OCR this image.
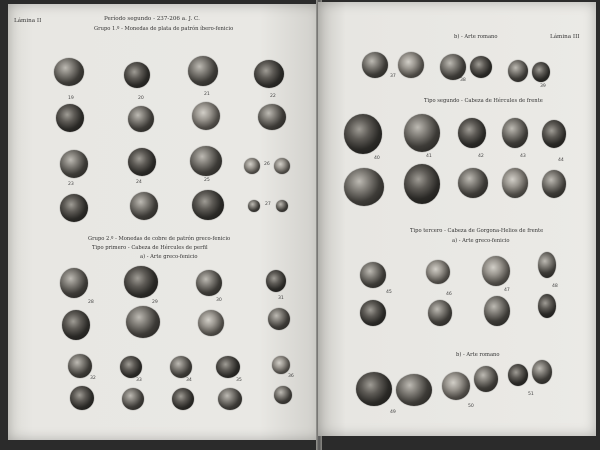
Lámina II	Período segundo - 237-206 a. J. C.
Grupo 1.º - Monedas de plata de patrón íbero-fenicio
19	20
21	22
23	24	25
26
27
Grupo 2.º - Monedas de cobre de patrón greco-fenicio
Tipo primero - Cabeza de Hércules de perfil
a) - Arte greco-fenicio
28	29	30	31
32	33	34	35
36
Lámina III
b) - Arte romano
37
38
39
Tipo segundo - Cabeza de Hércules de frente
40	41	42	43
44
Tipo tercero - Cabeza de Gorgona-Helios de frente
a) - Arte greco-fenicio
45	46
47
48
b) - Arte romano
49
50
51
